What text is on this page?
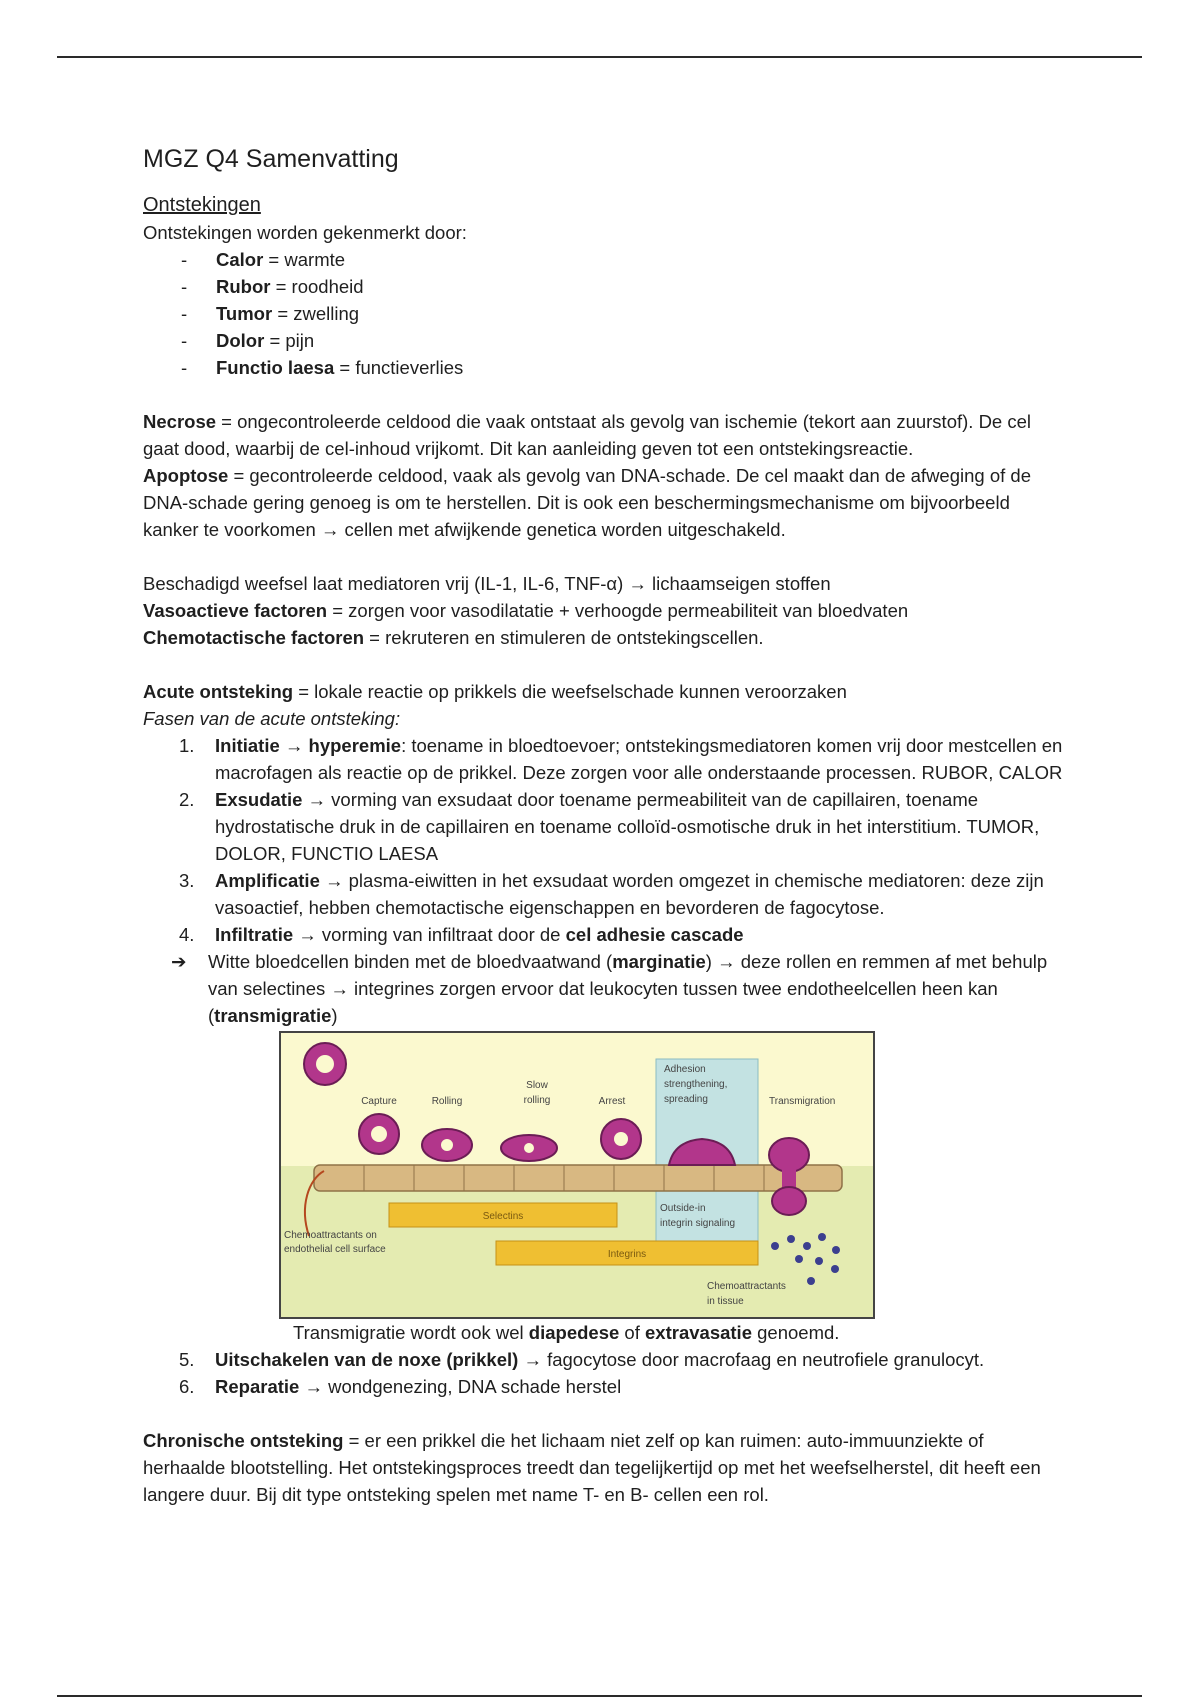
MGZ Q4 Samenvatting
Ontstekingen

Ontstekingen worden gekenmerkt door:

- Calor = warmte
- Rubor = roodheid
- Tumor = zwelling
- Dolor = pijn
- Functio laesa = functieverlies

Necrose = ongecontroleerde celdood die vaak ontstaat als gevolg van ischemie (tekort aan zuurstof). De cel gaat dood, waarbij de cel-inhoud vrijkomt. Dit kan aanleiding geven tot een ontstekingsreactie.

Apoptose = gecontroleerde celdood, vaak als gevolg van DNA-schade. De cel maakt dan de afweging of de DNA-schade gering genoeg is om te herstellen. Dit is ook een beschermingsmechanisme om bijvoorbeeld kanker te voorkomen → cellen met afwijkende genetica worden uitgeschakeld.

Beschadigd weefsel laat mediatoren vrij (IL-1, IL-6, TNF-α) → lichaamseigen stoffen

Vasoactieve factoren = zorgen voor vasodilatatie + verhoogde permeabiliteit van bloedvaten

Chemotactische factoren = rekruteren en stimuleren de ontstekingscellen.

Acute ontsteking = lokale reactie op prikkels die weefselschade kunnen veroorzaken

Fasen van de acute ontsteking:

1. Initiatie → hyperemie: toename in bloedtoevoer; ontstekingsmediatoren komen vrij door mestcellen en macrofagen als reactie op de prikkel. Deze zorgen voor alle onderstaande processen. RUBOR, CALOR
2. Exsudatie → vorming van exsudaat door toename permeabiliteit van de capillairen, toename hydrostatische druk in de capillairen en toename colloïd-osmotische druk in het interstitium. TUMOR, DOLOR, FUNCTIO LAESA
3. Amplificatie → plasma-eiwitten in het exsudaat worden omgezet in chemische mediatoren: deze zijn vasoactief, hebben chemotactische eigenschappen en bevorderen de fagocytose.
4. Infiltratie → vorming van infiltraat door de cel adhesie cascade
➔ Witte bloedcellen binden met de bloedvaatwand (marginatie) → deze rollen en remmen af met behulp van selectines → integrines zorgen ervoor dat leukocyten tussen twee endotheelcellen heen kan (transmigratie)
Selectins
Integrins
Capture	Rolling
Slow
rolling	Arrest
Adhesion
strengthening,
spreading	Transmigration
Outside-in
integrin signaling
Chemoattractants on
endothelial cell surface
Chemoattractants
in tissue

Transmigratie wordt ook wel diapedese of extravasatie genoemd.

5. Uitschakelen van de noxe (prikkel) → fagocytose door macrofaag en neutrofiele granulocyt.
6. Reparatie → wondgenezing, DNA schade herstel

Chronische ontsteking = er een prikkel die het lichaam niet zelf op kan ruimen: auto-immuunziekte of herhaalde blootstelling. Het ontstekingsproces treedt dan tegelijkertijd op met het weefselherstel, dit heeft een langere duur. Bij dit type ontsteking spelen met name T- en B- cellen een rol.
